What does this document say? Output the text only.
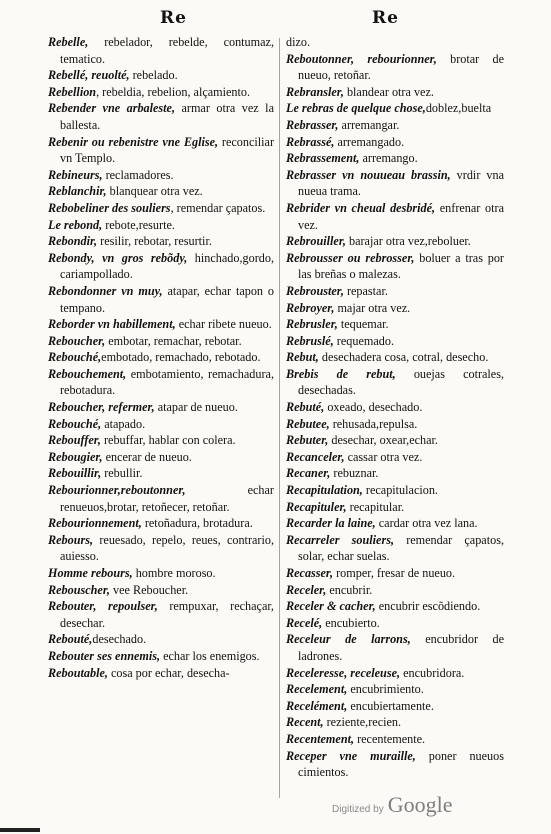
Re	Re

Rebelle, rebelador, rebelde, contumaz, tematico.

Rebellé, reuolté, rebelado.

Rebellion, rebeldia, rebelion, alçamiento.

Rebender vne arbaleste, armar otra vez la ballesta.

Rebenir ou rebenistre vne Eglise, reconciliar vn Templo.

Rebineurs, reclamadores.

Reblanchir, blanquear otra vez.

Rebobeliner des souliers, remendar çapatos.

Le rebond, rebote,resurte.

Rebondir, resilir, rebotar, resurtir.

Rebondy, vn gros rebõdy, hinchado,gordo, cariampollado.

Rebondonner vn muy, atapar, echar tapon o tempano.

Reborder vn habillement, echar ribete nueuo.

Reboucher, embotar, remachar, rebotar.

Rebouché,embotado, remachado, rebotado.

Rebouchement, embotamiento, remachadura, rebotadura.

Reboucher, refermer, atapar de nueuo.

Rebouché, atapado.

Rebouffer, rebuffar, hablar con colera.

Rebougier, encerar de nueuo.

Rebouillir, rebullir.

Rebourionner,reboutonner, echar renueuos,brotar, retoñecer, retoñar.

Rebourionnement, retoñadura, brotadura.

Rebours, reuesado, repelo, reues, contrario, auiesso.

Homme rebours, hombre moroso.

Rebouscher, vee Reboucher.

Rebouter, repoulser, rempuxar, rechaçar, desechar.

Rebouté,desechado.

Rebouter ses ennemis, echar los enemigos.

Reboutable, cosa por echar, desecha-

dizo.

Reboutonner, rebourionner, brotar de nueuo, retoñar.

Rebransler, blandear otra vez.

Le rebras de quelque chose,doblez,buelta

Rebrasser, arremangar.

Rebrassé, arremangado.

Rebrassement, arremango.

Rebrasser vn nouueau brassin, vrdir vna nueua trama.

Rebrider vn cheual desbridé, enfrenar otra vez.

Rebrouiller, barajar otra vez,reboluer.

Rebrousser ou rebrosser, boluer a tras por las breñas o malezas.

Rebrouster, repastar.

Rebroyer, majar otra vez.

Rebrusler, tequemar.

Rebruslé, requemado.

Rebut, desechadera cosa, cotral, desecho.

Brebis de rebut, ouejas cotrales, desechadas.

Rebuté, oxeado, desechado.

Rebutee, rehusada,repulsa.

Rebuter, desechar, oxear,echar.

Recanceler, cassar otra vez.

Recaner, rebuznar.

Recapitulation, recapitulacion.

Recapituler, recapitular.

Recarder la laine, cardar otra vez lana.

Recarreler souliers, remendar çapatos, solar, echar suelas.

Recasser, romper, fresar de nueuo.

Receler, encubrir.

Receler & cacher, encubrir escõdiendo.

Recelé, encubierto.

Receleur de larrons, encubridor de ladrones.

Receleresse, receleuse, encubridora.

Recelement, encubrimiento.

Recelément, encubiertamente.

Recent, reziente,recien.

Recentement, recentemente.

Receper vne muraille, poner nueuos cimientos.

Digitized by Google
